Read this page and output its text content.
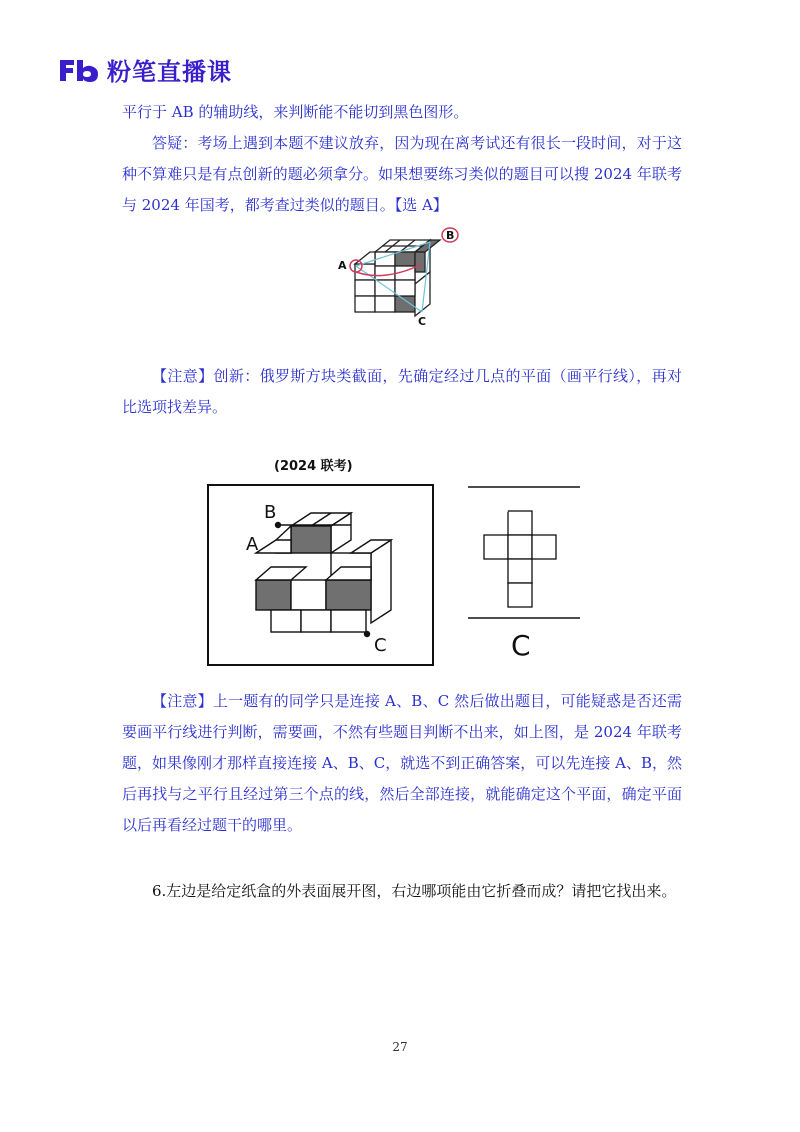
粉笔直播课

平行于 AB 的辅助线，来判断能不能切到黑色图形。

答疑：考场上遇到本题不建议放弃，因为现在离考试还有很长一段时间，对于这种不算难只是有点创新的题必须拿分。如果想要练习类似的题目可以搜 2024 年联考与 2024 年国考，都考查过类似的题目。【选 A】

A
B
C

【注意】创新：俄罗斯方块类截面，先确定经过几点的平面（画平行线），再对比选项找差异。

(2024 联考)
B
A
C	C

【注意】上一题有的同学只是连接 A、B、C 然后做出题目，可能疑惑是否还需要画平行线进行判断，需要画，不然有些题目判断不出来，如上图，是 2024 年联考题，如果像刚才那样直接连接 A、B、C，就选不到正确答案，可以先连接 A、B，然后再找与之平行且经过第三个点的线，然后全部连接，就能确定这个平面，确定平面以后再看经过题干的哪里。

6.左边是给定纸盒的外表面展开图，右边哪项能由它折叠而成？请把它找出来。

27
